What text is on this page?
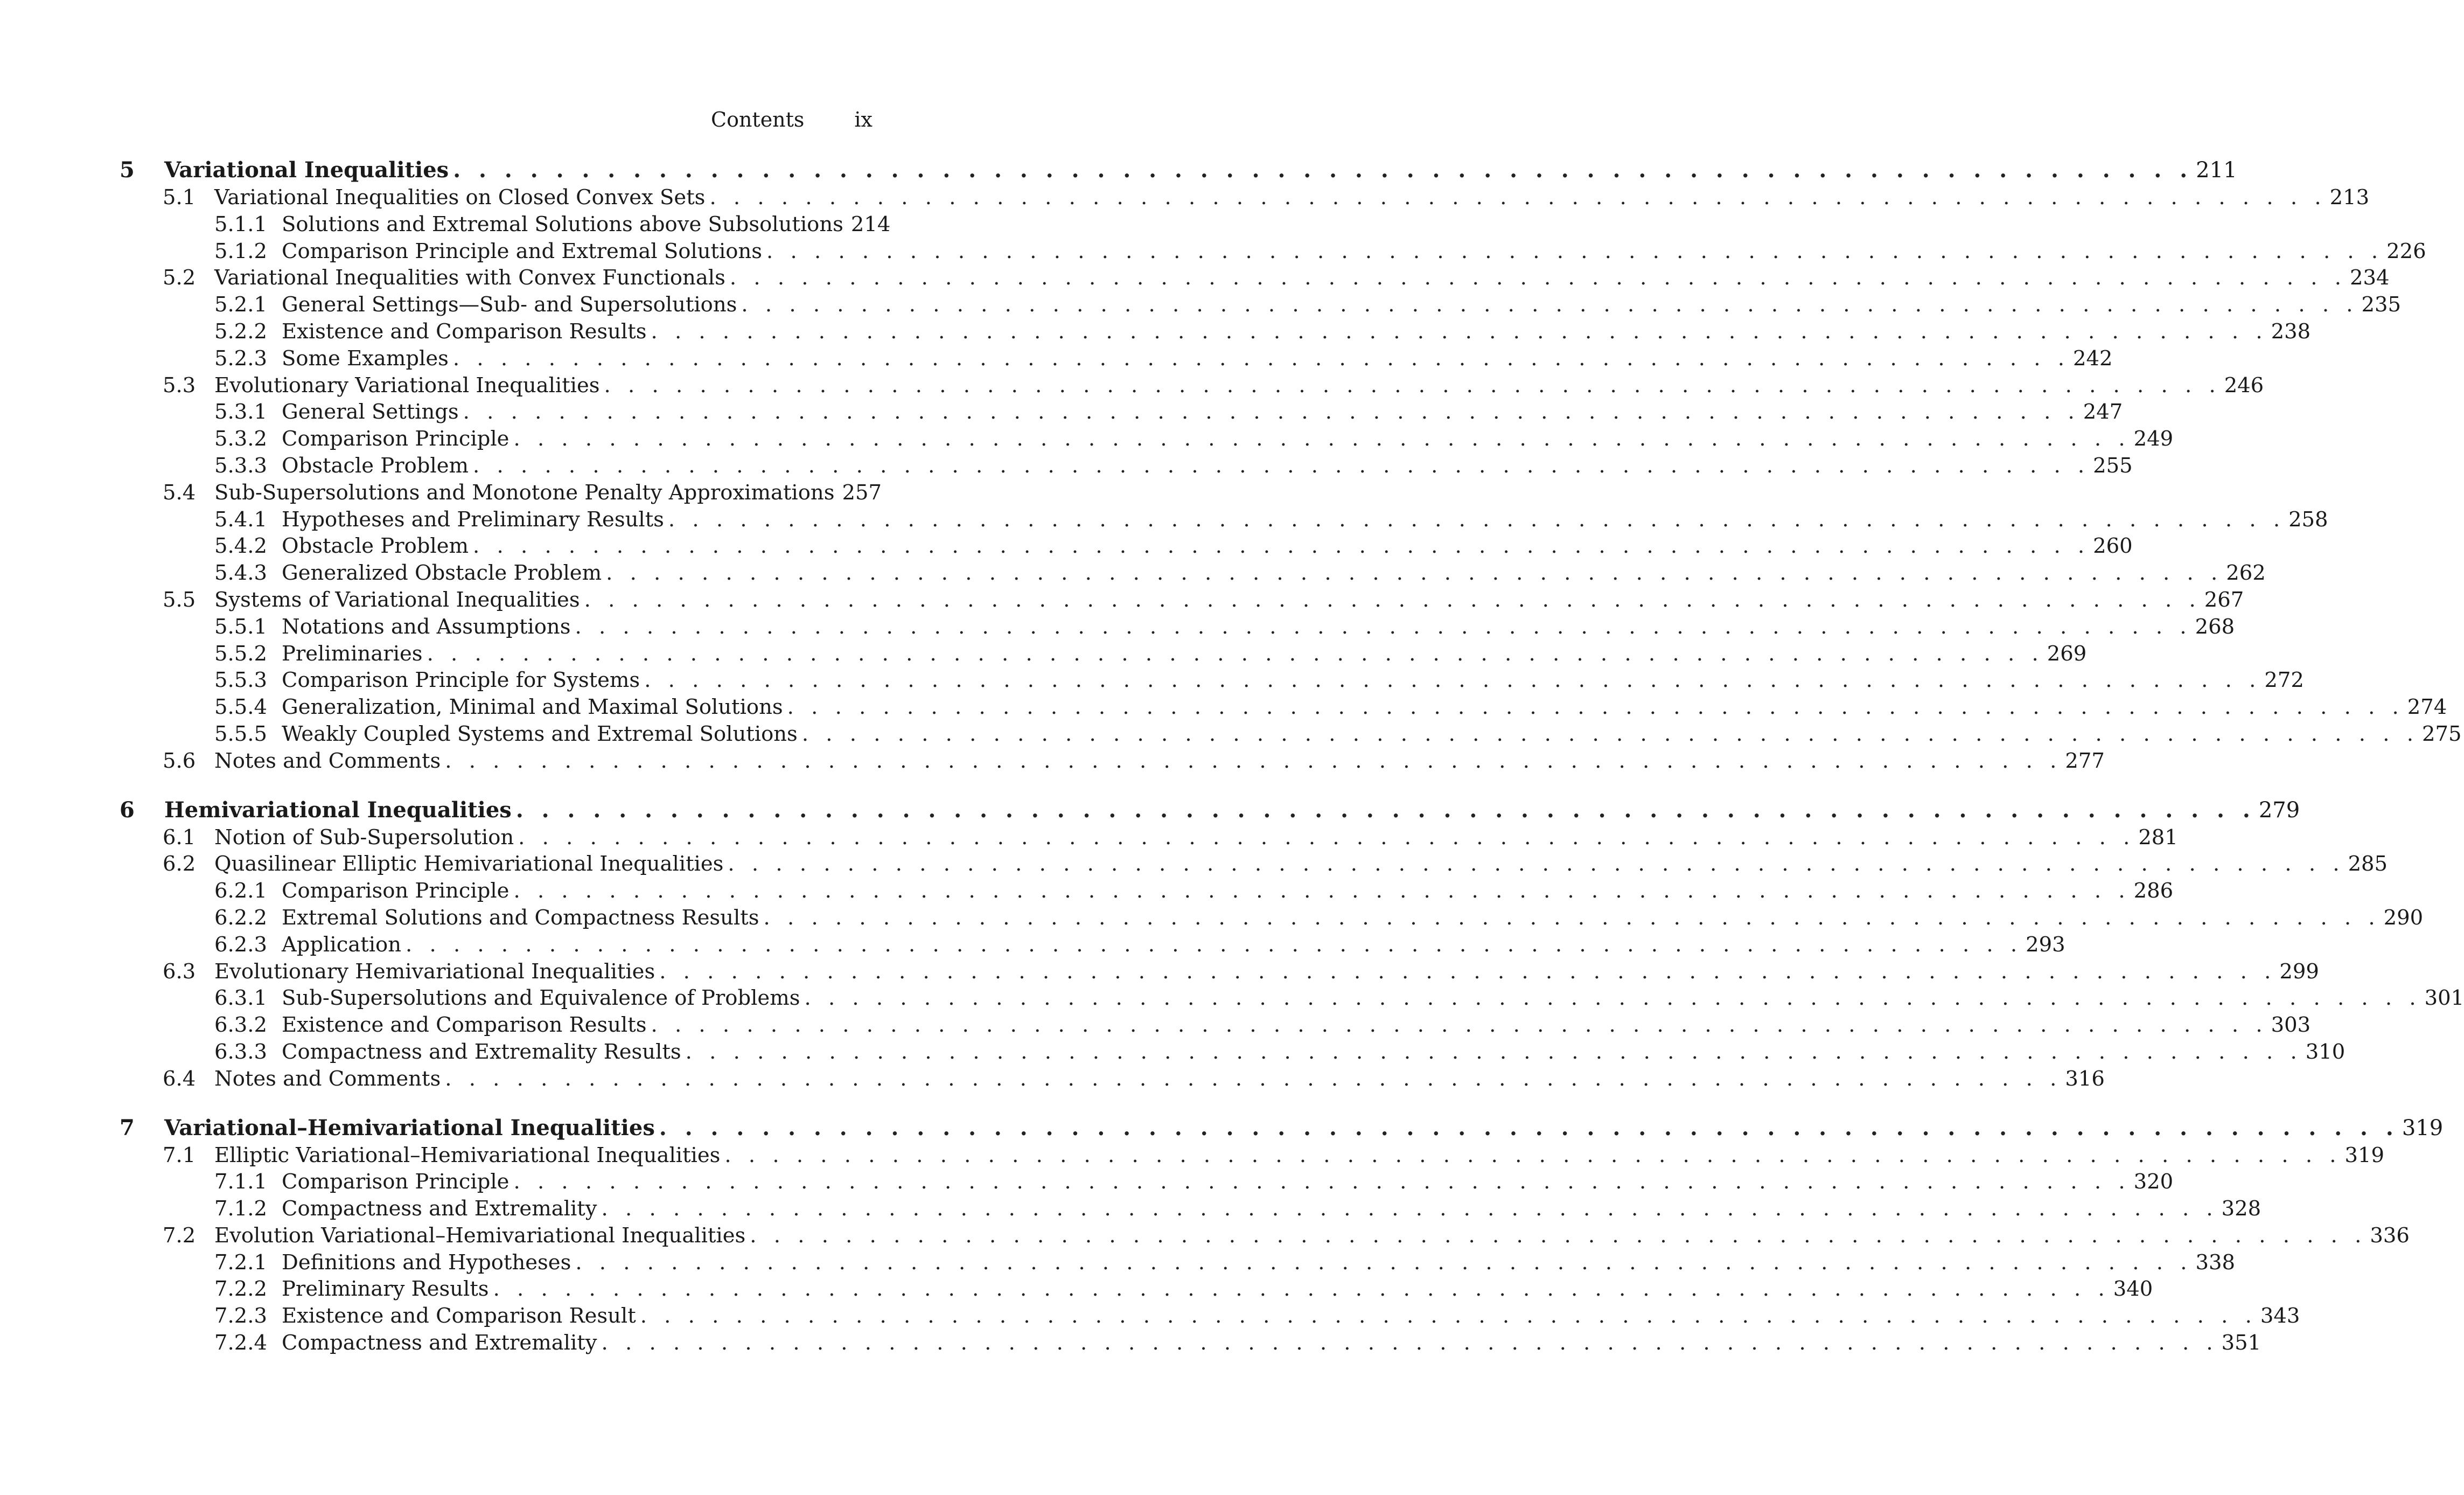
Contents ix
5 Variational Inequalities . . . . . . . . . . . . . . . . . . . . . . . . . . . . . . . . . . . . . . . . . . . . . . . . . . . . . . . . . . . . . . . . . . . . 211
5.1 Variational Inequalities on Closed Convex Sets . . . . . . . . . . . . . . . . . . . . . . . . . . . . . . . . . . . . . . . . . . . . . . . . . . . . . . . . . . . . . . . . . . . . 213
5.1.1 Solutions and Extremal Solutions above Subsolutions 214
5.1.2 Comparison Principle and Extremal Solutions . . . . . . . . . . . . . . . . . . . . . . . . . . . . . . . . . . . . . . . . . . . . . . . . . . . . . . . . . . . . . . . . . . . . 226
5.2 Variational Inequalities with Convex Functionals . . . . . . . . . . . . . . . . . . . . . . . . . . . . . . . . . . . . . . . . . . . . . . . . . . . . . . . . . . . . . . . . . . . . 234
5.2.1 General Settings—Sub- and Supersolutions . . . . . . . . . . . . . . . . . . . . . . . . . . . . . . . . . . . . . . . . . . . . . . . . . . . . . . . . . . . . . . . . . . . . 235
5.2.2 Existence and Comparison Results . . . . . . . . . . . . . . . . . . . . . . . . . . . . . . . . . . . . . . . . . . . . . . . . . . . . . . . . . . . . . . . . . . . . 238
5.2.3 Some Examples . . . . . . . . . . . . . . . . . . . . . . . . . . . . . . . . . . . . . . . . . . . . . . . . . . . . . . . . . . . . . . . . . . . . 242
5.3 Evolutionary Variational Inequalities . . . . . . . . . . . . . . . . . . . . . . . . . . . . . . . . . . . . . . . . . . . . . . . . . . . . . . . . . . . . . . . . . . . . 246
5.3.1 General Settings . . . . . . . . . . . . . . . . . . . . . . . . . . . . . . . . . . . . . . . . . . . . . . . . . . . . . . . . . . . . . . . . . . . . 247
5.3.2 Comparison Principle . . . . . . . . . . . . . . . . . . . . . . . . . . . . . . . . . . . . . . . . . . . . . . . . . . . . . . . . . . . . . . . . . . . . 249
5.3.3 Obstacle Problem . . . . . . . . . . . . . . . . . . . . . . . . . . . . . . . . . . . . . . . . . . . . . . . . . . . . . . . . . . . . . . . . . . . . 255
5.4 Sub-Supersolutions and Monotone Penalty Approximations 257
5.4.1 Hypotheses and Preliminary Results . . . . . . . . . . . . . . . . . . . . . . . . . . . . . . . . . . . . . . . . . . . . . . . . . . . . . . . . . . . . . . . . . . . . 258
5.4.2 Obstacle Problem . . . . . . . . . . . . . . . . . . . . . . . . . . . . . . . . . . . . . . . . . . . . . . . . . . . . . . . . . . . . . . . . . . . . 260
5.4.3 Generalized Obstacle Problem . . . . . . . . . . . . . . . . . . . . . . . . . . . . . . . . . . . . . . . . . . . . . . . . . . . . . . . . . . . . . . . . . . . . 262
5.5 Systems of Variational Inequalities . . . . . . . . . . . . . . . . . . . . . . . . . . . . . . . . . . . . . . . . . . . . . . . . . . . . . . . . . . . . . . . . . . . . 267
5.5.1 Notations and Assumptions . . . . . . . . . . . . . . . . . . . . . . . . . . . . . . . . . . . . . . . . . . . . . . . . . . . . . . . . . . . . . . . . . . . . 268
5.5.2 Preliminaries . . . . . . . . . . . . . . . . . . . . . . . . . . . . . . . . . . . . . . . . . . . . . . . . . . . . . . . . . . . . . . . . . . . . 269
5.5.3 Comparison Principle for Systems . . . . . . . . . . . . . . . . . . . . . . . . . . . . . . . . . . . . . . . . . . . . . . . . . . . . . . . . . . . . . . . . . . . . 272
5.5.4 Generalization, Minimal and Maximal Solutions . . . . . . . . . . . . . . . . . . . . . . . . . . . . . . . . . . . . . . . . . . . . . . . . . . . . . . . . . . . . . . . . . . . . 274
5.5.5 Weakly Coupled Systems and Extremal Solutions . . . . . . . . . . . . . . . . . . . . . . . . . . . . . . . . . . . . . . . . . . . . . . . . . . . . . . . . . . . . . . . . . . . . 275
5.6 Notes and Comments . . . . . . . . . . . . . . . . . . . . . . . . . . . . . . . . . . . . . . . . . . . . . . . . . . . . . . . . . . . . . . . . . . . . 277
6 Hemivariational Inequalities . . . . . . . . . . . . . . . . . . . . . . . . . . . . . . . . . . . . . . . . . . . . . . . . . . . . . . . . . . . . . . . . . . . . 279
6.1 Notion of Sub-Supersolution . . . . . . . . . . . . . . . . . . . . . . . . . . . . . . . . . . . . . . . . . . . . . . . . . . . . . . . . . . . . . . . . . . . . 281
6.2 Quasilinear Elliptic Hemivariational Inequalities . . . . . . . . . . . . . . . . . . . . . . . . . . . . . . . . . . . . . . . . . . . . . . . . . . . . . . . . . . . . . . . . . . . . 285
6.2.1 Comparison Principle . . . . . . . . . . . . . . . . . . . . . . . . . . . . . . . . . . . . . . . . . . . . . . . . . . . . . . . . . . . . . . . . . . . . 286
6.2.2 Extremal Solutions and Compactness Results . . . . . . . . . . . . . . . . . . . . . . . . . . . . . . . . . . . . . . . . . . . . . . . . . . . . . . . . . . . . . . . . . . . . 290
6.2.3 Application . . . . . . . . . . . . . . . . . . . . . . . . . . . . . . . . . . . . . . . . . . . . . . . . . . . . . . . . . . . . . . . . . . . . 293
6.3 Evolutionary Hemivariational Inequalities . . . . . . . . . . . . . . . . . . . . . . . . . . . . . . . . . . . . . . . . . . . . . . . . . . . . . . . . . . . . . . . . . . . . 299
6.3.1 Sub-Supersolutions and Equivalence of Problems . . . . . . . . . . . . . . . . . . . . . . . . . . . . . . . . . . . . . . . . . . . . . . . . . . . . . . . . . . . . . . . . . . . . 301
6.3.2 Existence and Comparison Results . . . . . . . . . . . . . . . . . . . . . . . . . . . . . . . . . . . . . . . . . . . . . . . . . . . . . . . . . . . . . . . . . . . . 303
6.3.3 Compactness and Extremality Results . . . . . . . . . . . . . . . . . . . . . . . . . . . . . . . . . . . . . . . . . . . . . . . . . . . . . . . . . . . . . . . . . . . . 310
6.4 Notes and Comments . . . . . . . . . . . . . . . . . . . . . . . . . . . . . . . . . . . . . . . . . . . . . . . . . . . . . . . . . . . . . . . . . . . . 316
7 Variational–Hemivariational Inequalities . . . . . . . . . . . . . . . . . . . . . . . . . . . . . . . . . . . . . . . . . . . . . . . . . . . . . . . . . . . . . . . . . . . . 319
7.1 Elliptic Variational–Hemivariational Inequalities . . . . . . . . . . . . . . . . . . . . . . . . . . . . . . . . . . . . . . . . . . . . . . . . . . . . . . . . . . . . . . . . . . . . 319
7.1.1 Comparison Principle . . . . . . . . . . . . . . . . . . . . . . . . . . . . . . . . . . . . . . . . . . . . . . . . . . . . . . . . . . . . . . . . . . . . 320
7.1.2 Compactness and Extremality . . . . . . . . . . . . . . . . . . . . . . . . . . . . . . . . . . . . . . . . . . . . . . . . . . . . . . . . . . . . . . . . . . . . 328
7.2 Evolution Variational–Hemivariational Inequalities . . . . . . . . . . . . . . . . . . . . . . . . . . . . . . . . . . . . . . . . . . . . . . . . . . . . . . . . . . . . . . . . . . . . 336
7.2.1 Definitions and Hypotheses . . . . . . . . . . . . . . . . . . . . . . . . . . . . . . . . . . . . . . . . . . . . . . . . . . . . . . . . . . . . . . . . . . . . 338
7.2.2 Preliminary Results . . . . . . . . . . . . . . . . . . . . . . . . . . . . . . . . . . . . . . . . . . . . . . . . . . . . . . . . . . . . . . . . . . . . 340
7.2.3 Existence and Comparison Result . . . . . . . . . . . . . . . . . . . . . . . . . . . . . . . . . . . . . . . . . . . . . . . . . . . . . . . . . . . . . . . . . . . . 343
7.2.4 Compactness and Extremality . . . . . . . . . . . . . . . . . . . . . . . . . . . . . . . . . . . . . . . . . . . . . . . . . . . . . . . . . . . . . . . . . . . . 351
